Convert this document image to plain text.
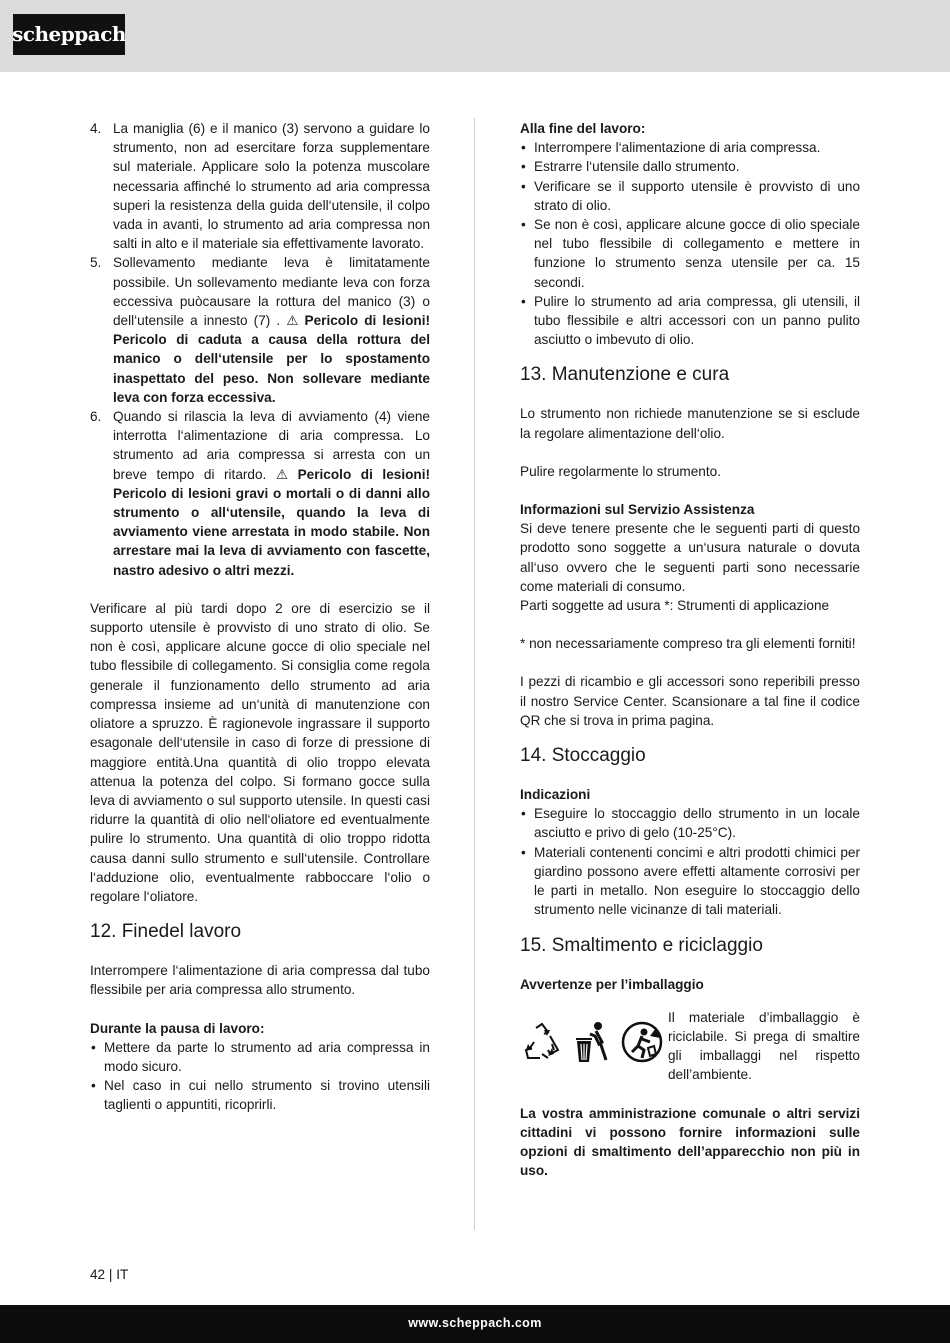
scheppach
4. La maniglia (6) e il manico (3) servono a guidare lo strumento, non ad esercitare forza supplementare sul materiale. Applicare solo la potenza muscolare necessaria affinché lo strumento ad aria compressa superi la resistenza della guida dell‘utensile, il colpo vada in avanti, lo strumento ad aria compressa non salti in alto e il materiale sia effettivamente lavorato.
5. Sollevamento mediante leva è limitatamente possibile. Un sollevamento mediante leva con forza eccessiva puòcausare la rottura del manico (3) o dell‘utensile a innesto (7) . ⚠ Pericolo di lesioni! Pericolo di caduta a causa della rottura del manico o dell‘utensile per lo spostamento inaspettato del peso. Non sollevare mediante leva con forza eccessiva.
6. Quando si rilascia la leva di avviamento (4) viene interrotta l‘alimentazione di aria compressa. Lo strumento ad aria compressa si arresta con un breve tempo di ritardo. ⚠ Pericolo di lesioni! Pericolo di lesioni gravi o mortali o di danni allo strumento o all‘utensile, quando la leva di avviamento viene arrestata in modo stabile. Non arrestare mai la leva di avviamento con fascette, nastro adesivo o altri mezzi.

Verificare al più tardi dopo 2 ore di esercizio se il supporto utensile è provvisto di uno strato di olio. Se non è così, applicare alcune gocce di olio speciale nel tubo flessibile di collegamento. Si consiglia come regola generale il funzionamento dello strumento ad aria compressa insieme ad un‘unità di manutenzione con oliatore a spruzzo. È ragionevole ingrassare il supporto esagonale dell‘utensile in caso di forze di pressione di maggiore entità.Una quantità di olio troppo elevata attenua la potenza del colpo. Si formano gocce sulla leva di avviamento o sul supporto utensile. In questi casi ridurre la quantità di olio nell‘oliatore ed eventualmente pulire lo strumento. Una quantità di olio troppo ridotta causa danni sullo strumento e sull‘utensile. Controllare l‘adduzione olio, eventualmente rabboccare l‘olio o regolare l‘oliatore.

12. Finedel lavoro

Interrompere l‘alimentazione di aria compressa dal tubo flessibile per aria compressa allo strumento.

Durante la pausa di lavoro:

• Mettere da parte lo strumento ad aria compressa in modo sicuro.
• Nel caso in cui nello strumento si trovino utensili taglienti o appuntiti, ricoprirli.

Alla fine del lavoro:

• Interrompere l‘alimentazione di aria compressa.
• Estrarre l‘utensile dallo strumento.
• Verificare se il supporto utensile è provvisto di uno strato di olio.
• Se non è così, applicare alcune gocce di olio speciale nel tubo flessibile di collegamento e mettere in funzione lo strumento senza utensile per ca. 15 secondi.
• Pulire lo strumento ad aria compressa, gli utensili, il tubo flessibile e altri accessori con un panno pulito asciutto o imbevuto di olio.
13. Manutenzione e cura

Lo strumento non richiede manutenzione se si esclude la regolare alimentazione dell‘olio.

Pulire regolarmente lo strumento.

Informazioni sul Servizio Assistenza

Si deve tenere presente che le seguenti parti di questo prodotto sono soggette a un‘usura naturale o dovuta all‘uso ovvero che le seguenti parti sono necessarie come materiali di consumo.

Parti soggette ad usura *: Strumenti di applicazione

* non necessariamente compreso tra gli elementi forniti!

I pezzi di ricambio e gli accessori sono reperibili presso il nostro Service Center. Scansionare a tal fine il codice QR che si trova in prima pagina.

14. Stoccaggio

Indicazioni

• Eseguire lo stoccaggio dello strumento in un locale asciutto e privo di gelo (10-25°C).
• Materiali contenenti concimi e altri prodotti chimici per giardino possono avere effetti altamente corrosivi per le parti in metallo. Non eseguire lo stoccaggio dello strumento nelle vicinanze di tali materiali.
15. Smaltimento e riciclaggio

Avvertenze per l’imballaggio

Il materiale d’imballaggio è riciclabile. Si prega di smaltire gli imballaggi nel rispetto dell’ambiente.

La vostra amministrazione comunale o altri servizi cittadini vi possono fornire informazioni sulle opzioni di smaltimento dell’apparecchio non più in uso.

42 | IT
www.scheppach.com
